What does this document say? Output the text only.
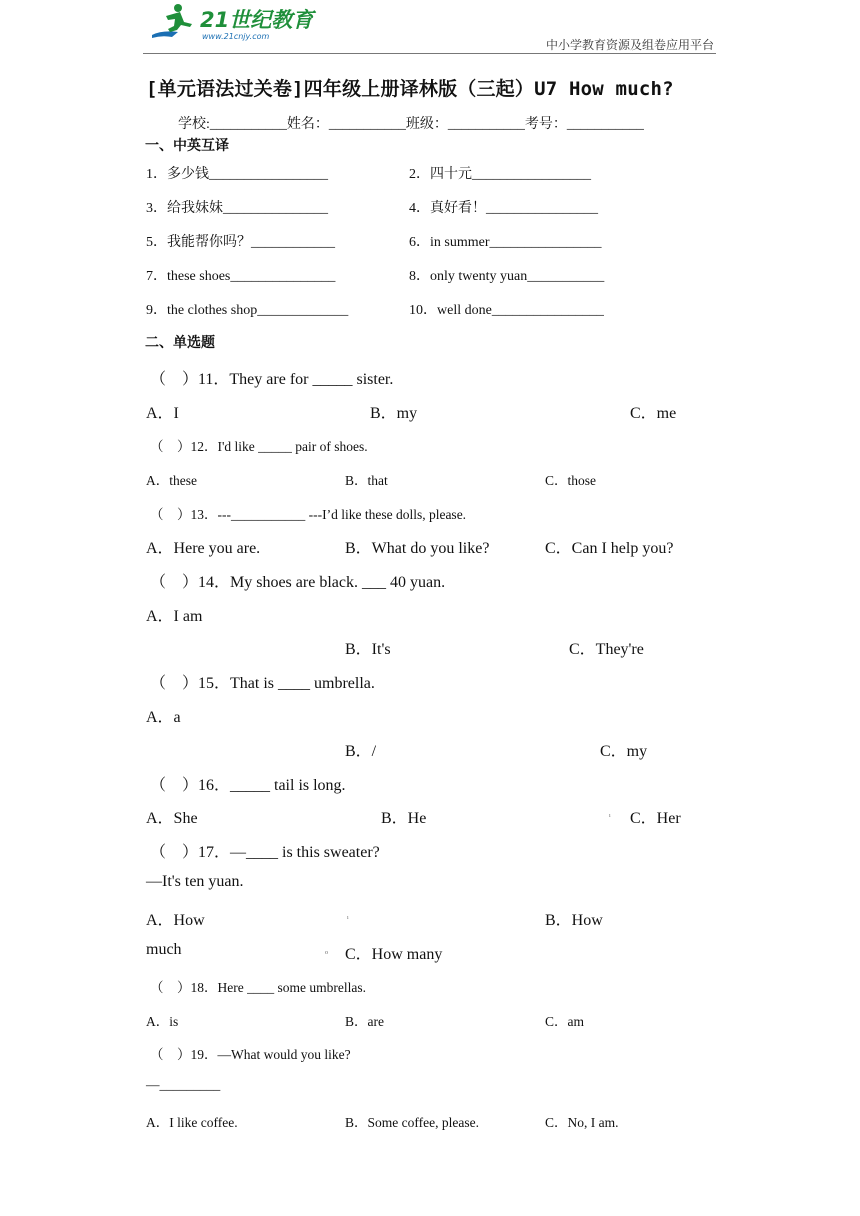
21世纪教育
www.21cnjy.com
中小学教育资源及组卷应用平台
[单元语法过关卷]四年级上册译林版（三起）U7 How much?
学校:___________姓名：___________班级：___________考号：___________
一、中英互译
1．多少钱_________________	2．四十元_________________
3．给我妹妹_______________	4．真好看！________________
5．我能帮你吗？____________	6．in summer________________
7．these shoes_______________	8．only twenty yuan___________
9．the clothes shop_____________	10．well done________________
二、单选题
（　）11．They are for _____ sister.
A．I	B．my	C．me
（　）12．I'd like _____ pair of shoes.
A．these	B．that	C．those
（　）13．---___________ ---I’d like these dolls, please.
A．Here you are.	B．What do you like?	C．Can I help you?
（　）14．My shoes are black. ___ 40 yuan.
A．I am
B．It's	C．They're
（　）15．That is ____ umbrella.
A．a
B．/	C．my
（　）16．_____ tail is long.
A．She	B．He	ı C．Her
（　）17．—____ is this sweater?
—It's ten yuan.
A．How	ı	B．How
much	o C．How many
（　）18．Here ____ some umbrellas.
A．is	B．are	C．am
（　）19．—What would you like?
—_________
A．I like coffee.	B．Some coffee, please.	C．No, I am.
